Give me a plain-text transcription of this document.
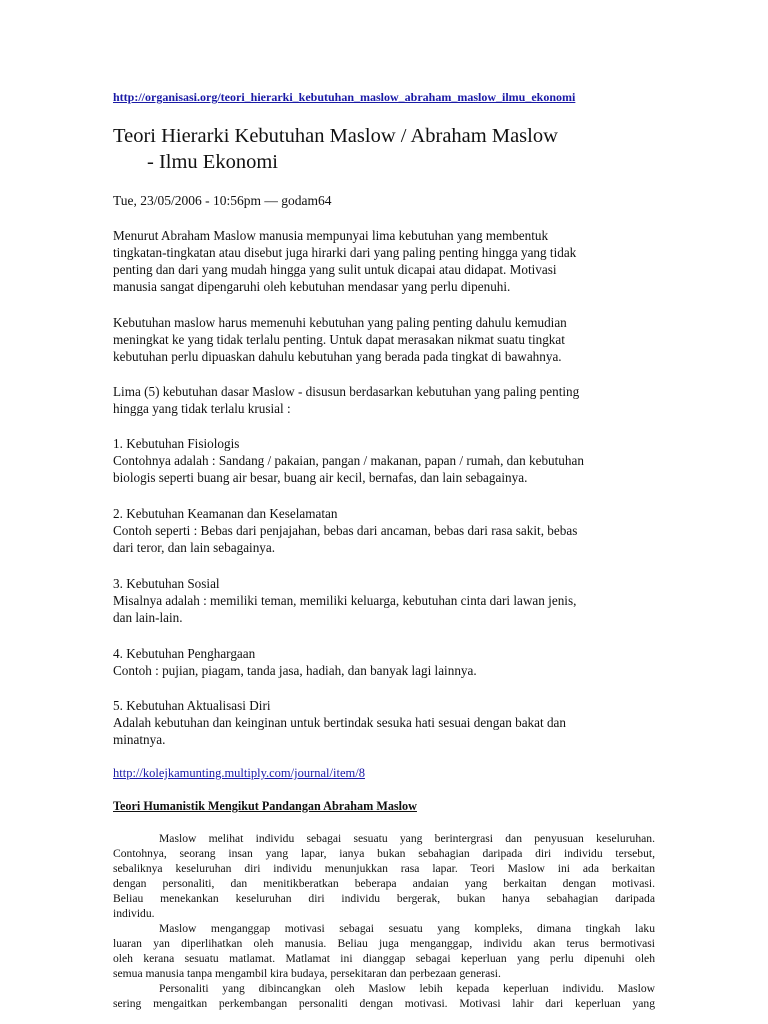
http://organisasi.org/teori_hierarki_kebutuhan_maslow_abraham_maslow_ilmu_ekonomi
Teori Hierarki Kebutuhan Maslow / Abraham Maslow
- Ilmu Ekonomi
Tue, 23/05/2006 - 10:56pm — godam64

Menurut Abraham Maslow manusia mempunyai lima kebutuhan yang membentuk
tingkatan-tingkatan atau disebut juga hirarki dari yang paling penting hingga yang tidak
penting dan dari yang mudah hingga yang sulit untuk dicapai atau didapat. Motivasi
manusia sangat dipengaruhi oleh kebutuhan mendasar yang perlu dipenuhi.

Kebutuhan maslow harus memenuhi kebutuhan yang paling penting dahulu kemudian
meningkat ke yang tidak terlalu penting. Untuk dapat merasakan nikmat suatu tingkat
kebutuhan perlu dipuaskan dahulu kebutuhan yang berada pada tingkat di bawahnya.

Lima (5) kebutuhan dasar Maslow - disusun berdasarkan kebutuhan yang paling penting
hingga yang tidak terlalu krusial :

1. Kebutuhan Fisiologis
Contohnya adalah : Sandang / pakaian, pangan / makanan, papan / rumah, dan kebutuhan
biologis seperti buang air besar, buang air kecil, bernafas, dan lain sebagainya.

2. Kebutuhan Keamanan dan Keselamatan
Contoh seperti : Bebas dari penjajahan, bebas dari ancaman, bebas dari rasa sakit, bebas
dari teror, dan lain sebagainya.

3. Kebutuhan Sosial
Misalnya adalah : memiliki teman, memiliki keluarga, kebutuhan cinta dari lawan jenis,
dan lain-lain.

4. Kebutuhan Penghargaan
Contoh : pujian, piagam, tanda jasa, hadiah, dan banyak lagi lainnya.

5. Kebutuhan Aktualisasi Diri
Adalah kebutuhan dan keinginan untuk bertindak sesuka hati sesuai dengan bakat dan
minatnya.

http://kolejkamunting.multiply.com/journal/item/8
Teori Humanistik Mengikut Pandangan Abraham Maslow

Maslow melihat individu sebagai sesuatu yang berintergrasi dan penyusuan keseluruhan.
Contohnya, seorang insan yang lapar, ianya bukan sebahagian daripada diri individu tersebut,
sebaliknya keseluruhan diri individu menunjukkan rasa lapar. Teori Maslow ini ada berkaitan
dengan personaliti, dan menitikberatkan beberapa andaian yang berkaitan dengan motivasi.
Beliau menekankan keseluruhan diri individu bergerak, bukan hanya sebahagian daripada
individu.

Maslow menganggap motivasi sebagai sesuatu yang kompleks, dimana tingkah laku
luaran yan diperlihatkan oleh manusia. Beliau juga menganggap, individu akan terus bermotivasi
oleh kerana sesuatu matlamat. Matlamat ini dianggap sebagai keperluan yang perlu dipenuhi oleh
semua manusia tanpa mengambil kira budaya, persekitaran dan perbezaan generasi.

Personaliti yang dibincangkan oleh Maslow lebih kepada keperluan individu. Maslow
sering mengaitkan perkembangan personaliti dengan motivasi. Motivasi lahir dari keperluan yang
